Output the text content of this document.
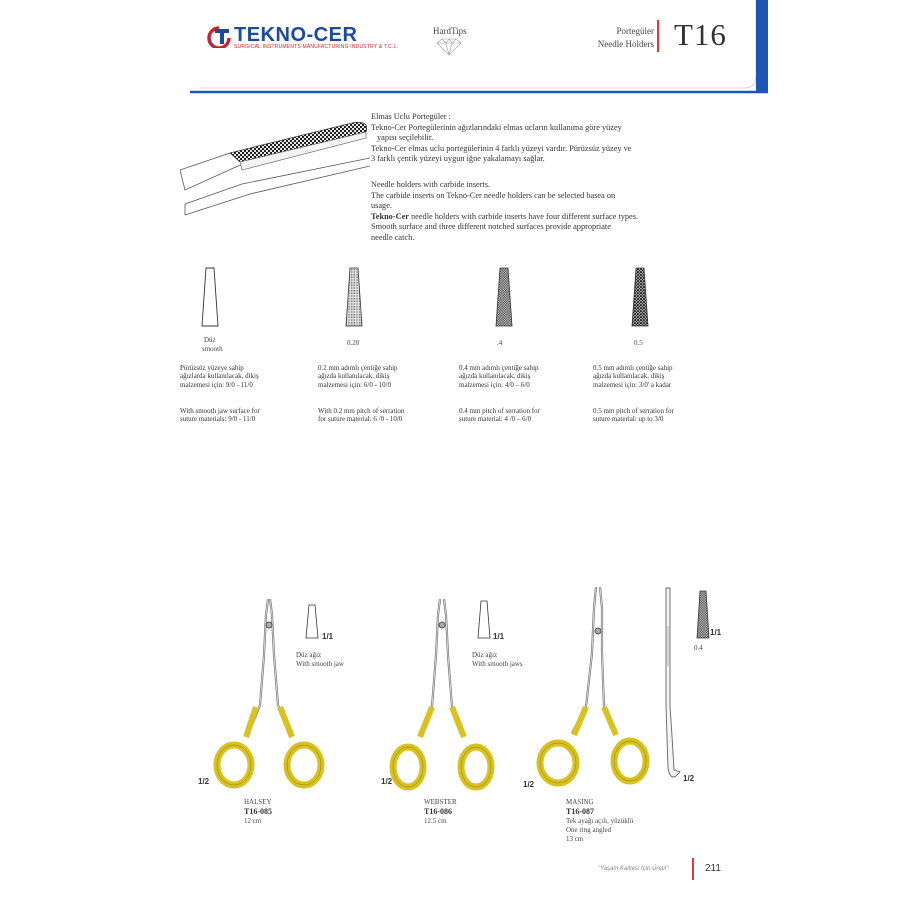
TEKNO-CER
SURGICAL INSTRUMENTS MANUFACTURING INDUSTRY & T.C.L.
HardTips	Portegüler
Needle Holders T16
Elmas Uclu Portegüler :
Tekno-Cer Portegülerinin ağızlarındaki elmas ucların kullanıma göre yüzey
yapısı seçilebilir.
Tekno-Cer elmas uclu portegülerinin 4 farklı yüzeyi vardır. Pürüzsüz yüzey ve
3 farklı çentik yüzeyi uygun iğne yakalamayı sağlar.
Needle holders with carbide inserts.
The carbide inserts on Tekno-Cer needle holders can be selected basea on
usage.
Tekno-Cer needle holders with carbide inserts have four different surface types.
Smooth surface and three different notched surfaces provide appropriate
needle catch.
Düz
smooth
0.20	.4	0.5
Pürüzsüz yüzeye sahip
ağızlarda kullanılacak, dikiş
malzemesi için: 9/0 - 11/0
With smooth jaw surface for
suture materials: 9/0 - 11/0
0.2 mm adımlı çentiğe sahip
ağızda kullanılacak, dikiş
malzemesi için: 6/0 - 10/0
With 0.2 mm pitch of serration
for suture material: 6 /0 - 10/0
0.4 mm adımlı çentiğe sahip
ağızda kullanılacak, dikiş
malzemesi için: 4/0 – 6/0
0.4 mm pitch of serration for
suture material: 4 /0 – 6/0
0.5 mm adımlı çentiğe sahip
ağızda kullanılacak, dikiş
malzemesi için: 3/0' a kadar
0.5 mm pitch of serration for
suture material: up to 3/0
1/1
Düz ağız
With smooth jaw
1/2
HALSEY
T16-085
12 cm
1/1
Düz ağız
With smooth jaws
1/2
WEBSTER
T16-086
12.5 cm
1/1
0.4
1/2
1/2
MASING
T16-087
Tek ayağı açılı, yüzüklü
One ring angled
13 cm
"Yaşam Kalitesi İçin Üretir"	211
